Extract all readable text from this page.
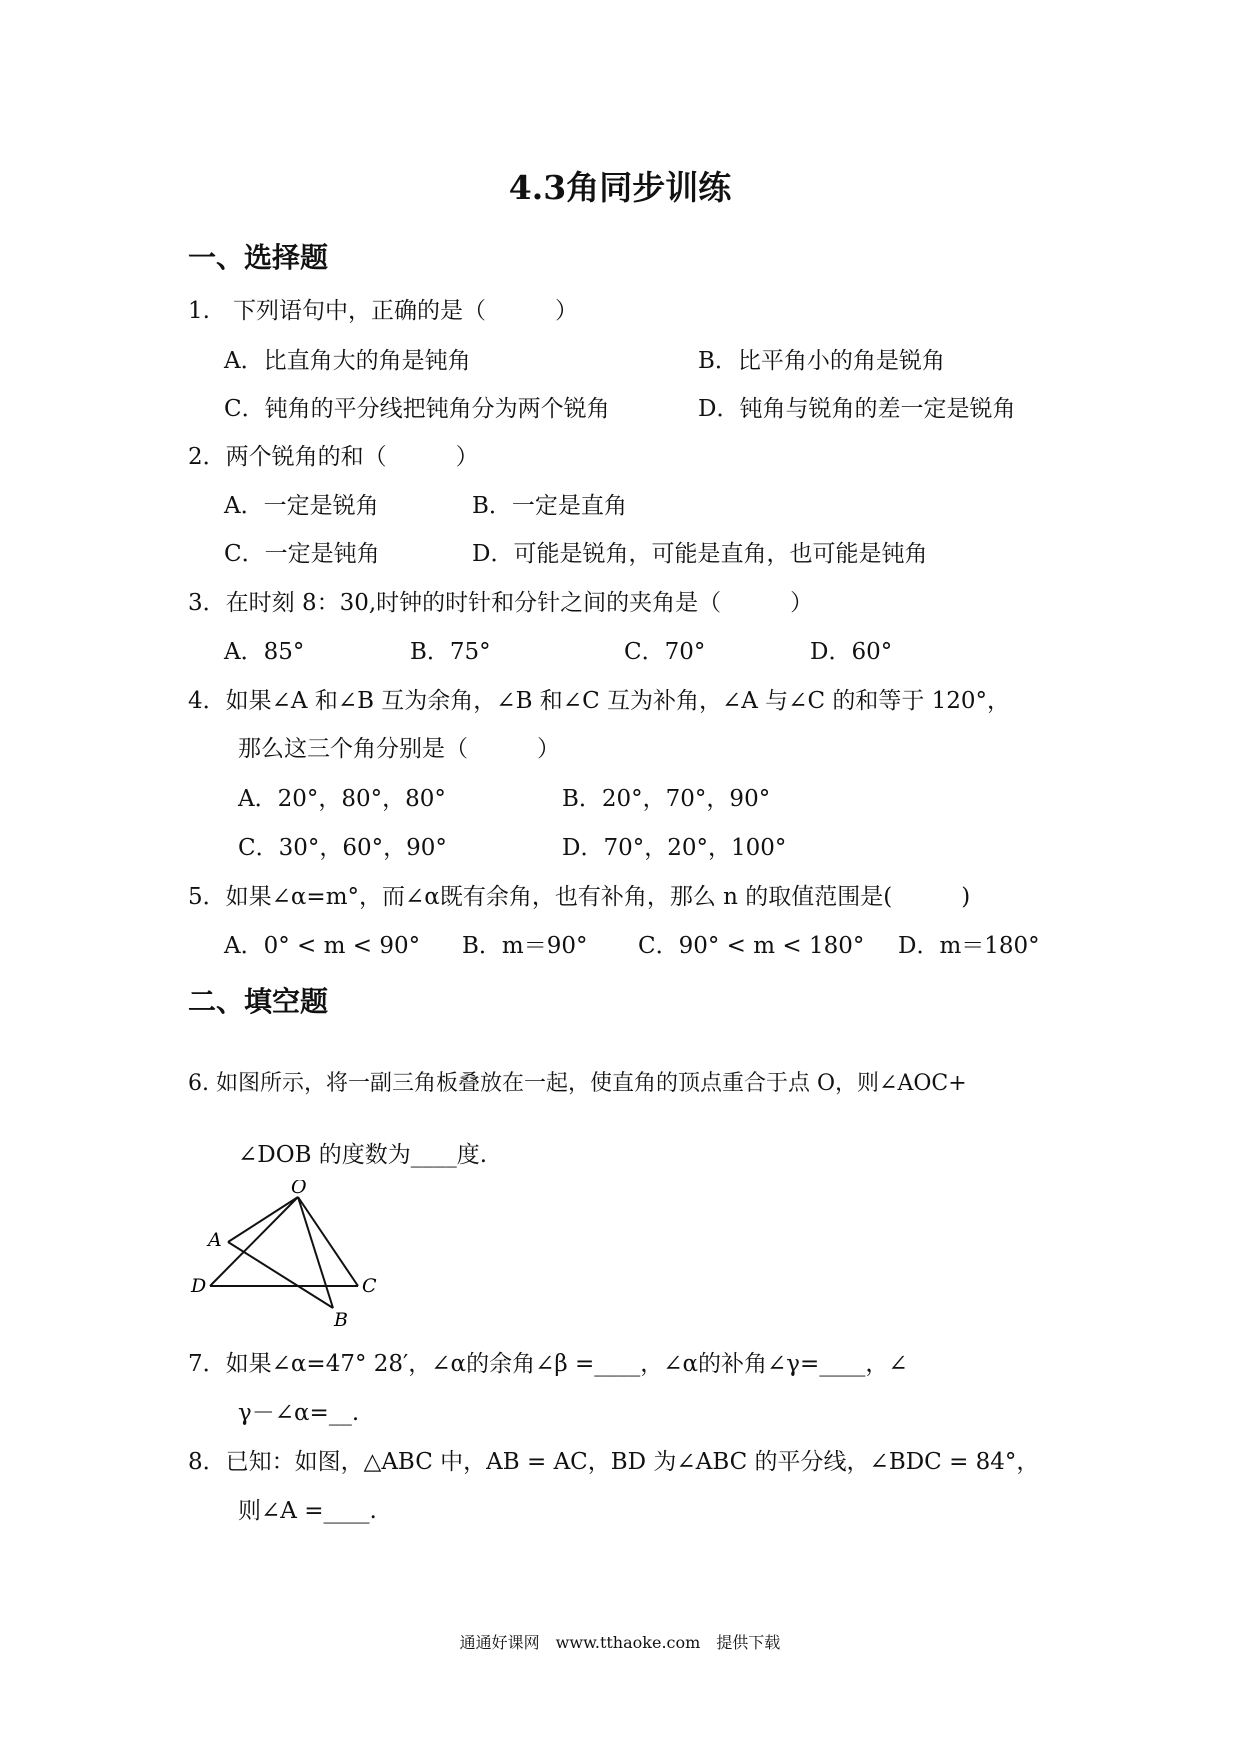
4.3角同步训练
一、选择题
1.　下列语句中，正确的是（　　　）
A．比直角大的角是钝角	B．比平角小的角是锐角
C．钝角的平分线把钝角分为两个锐角	D．钝角与锐角的差一定是锐角
2．两个锐角的和（　　　）
A．一定是锐角	B．一定是直角
C．一定是钝角	D．可能是锐角，可能是直角，也可能是钝角
3．在时刻 8：30,时钟的时针和分针之间的夹角是（　　　）
A．85°	B．75°	C．70°	D．60°
4．如果∠A 和∠B 互为余角，∠B 和∠C 互为补角，∠A 与∠C 的和等于 120°，
那么这三个角分别是（　　　）
A．20°，80°，80°	B．20°，70°，90°
C．30°，60°，90°	D．70°，20°，100°
5．如果∠α=m°，而∠α既有余角，也有补角，那么 n 的取值范围是(　　　)
A．0° < m < 90° B．m＝90° C．90° < m < 180° D．m＝180°
二、填空题
6. 如图所示，将一副三角板叠放在一起，使直角的顶点重合于点 O，则∠AOC+
∠DOB 的度数为____度.
O
A
D	C
B
7．如果∠α=47° 28′，∠α的余角∠β =____，∠α的补角∠γ=____，∠
γ－∠α=__.
8．已知：如图，△ABC 中，AB = AC，BD 为∠ABC 的平分线，∠BDC = 84°，
则∠A =____.
通通好课网　www.tthaoke.com　提供下载
